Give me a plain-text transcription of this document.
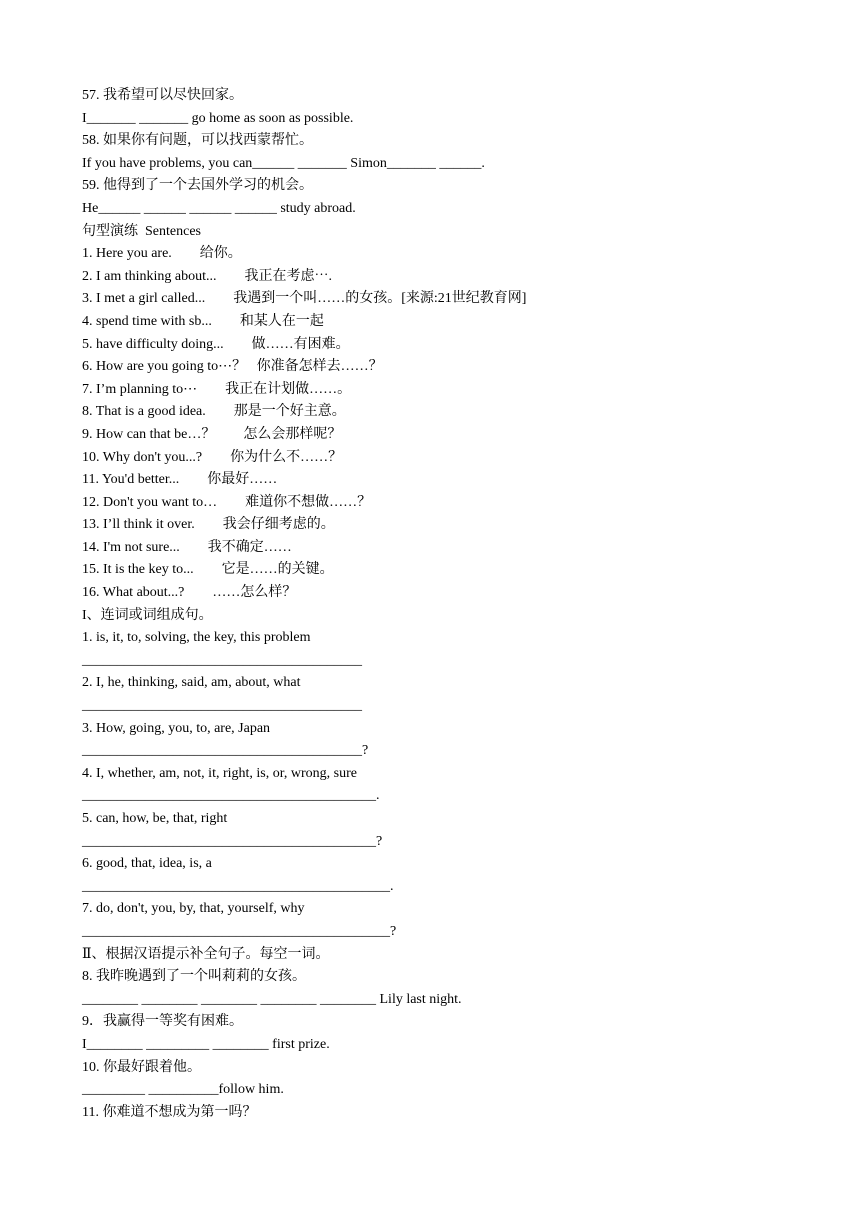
57. 我希望可以尽快回家。
I_______ _______ go home as soon as possible.
58. 如果你有问题，可以找西蒙帮忙。
If you have problems, you can______ _______ Simon_______ ______.
59. 他得到了一个去国外学习的机会。
He______ ______ ______ ______ study abroad.
句型演练  Sentences
1. Here you are.        给你。
2. I am thinking about...        我正在考虑⋯.
3. I met a girl called...        我遇到一个叫……的女孩。[来源:21世纪教育网]
4. spend time with sb...        和某人在一起
5. have difficulty doing...        做……有困难。
6. How are you going to⋯？   你准备怎样去……？
7. I’m planning to⋯        我正在计划做……。
8. That is a good idea.        那是一个好主意。
9. How can that be…？        怎么会那样呢？
10. Why don't you...?        你为什么不……？
11. You'd better...        你最好……
12. Don't you want to…        难道你不想做……？
13. I’ll think it over.        我会仔细考虑的。
14. I'm not sure...        我不确定……
15. It is the key to...        它是……的关键。
16. What about...?        ……怎么样？
I、连词或词组成句。
1. is, it, to, solving, the key, this problem
________________________________________
2. I, he, thinking, said, am, about, what
________________________________________
3. How, going, you, to, are, Japan
________________________________________?
4. I, whether, am, not, it, right, is, or, wrong, sure
__________________________________________.
5. can, how, be, that, right
__________________________________________?
6. good, that, idea, is, a
____________________________________________.
7. do, don't, you, by, that, yourself, why
____________________________________________?
Ⅱ、根据汉语提示补全句子。每空一词。
8. 我昨晚遇到了一个叫莉莉的女孩。
________ ________ ________ ________ ________ Lily last night.
9．我赢得一等奖有困难。
I________ _________ ________ first prize.
10. 你最好跟着他。
_________ __________follow him.
11. 你难道不想成为第一吗？
